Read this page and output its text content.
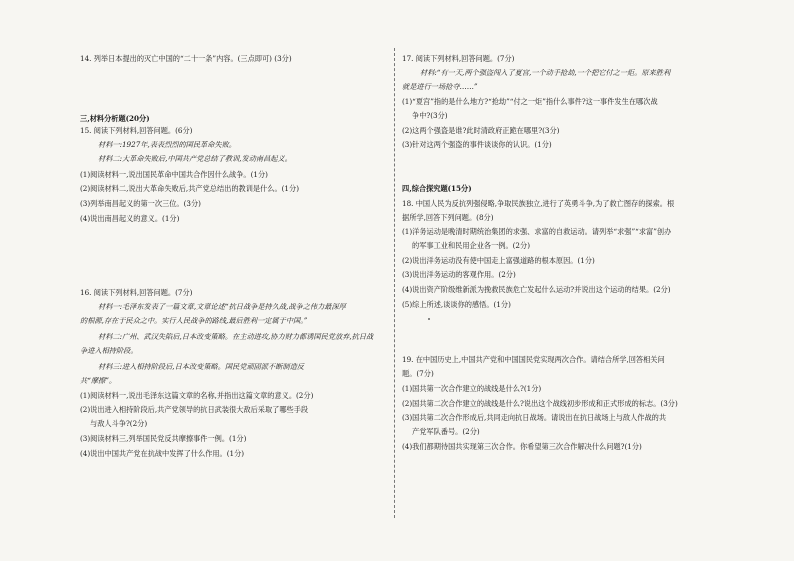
14. 列举日本提出的灭亡中国的“二十一条”内容。(三点即可) (3分)
三,材料分析题(20分)
15. 阅读下列材料,回答问题。(6分)
材料一:1927年,表表烈烈的国民革命失败。
材料二:大革命失败后,中国共产党总结了教训,发动南昌起义。
(1)阅读材料一,说出国民革命中国共合作因什么战争。(1分)
(2)阅读材料二,说出大革命失败后,共产党总结出的教训是什么。(1分)
(3)列举南昌起义的第一次三位。(3分)
(4)说出南昌起义的意义。(1分)
16. 阅读下列材料,回答问题。(7分)
材料一:毛泽东发表了一篇文章,文章论述“抗日战争是持久战,战争之伟力最深厚
的根源,存在于民众之中。实行人民战争的路线,最后胜利一定属于中国。”
材料二:广州、武汉失陷后,日本改变策略。在主动进攻,协力财力都诱国民党放弃,抗日战
争进入相持阶段。
材料三:进入相持阶段后,日本改变策略。国民党顽固派不断制造反
共“摩擦”。
(1)阅读材料一,说出毛泽东这篇文章的名称,并指出这篇文章的意义。(2分)
(2)说出进入相持阶段后,共产党领导的抗日武装很大敌后采取了哪些手段
与敌人斗争?(2分)
(3)阅读材料三,列举国民党反共摩擦事件一例。(1分)
(4)说出中国共产党在抗战中发挥了什么作用。(1分)
17. 阅读下列材料,回答问题。(7分)
材料:“有一天,两个强盗闯入了夏宫,一个动手抢劫,一个把它付之一炬。原来胜利
就是进行一场抢夺……”
(1)“夏宫”指的是什么地方?“抢劫”“付之一炬”指什么事件?这一事件发生在哪次战
争中?(3分)
(2)这两个强盗是谁?此时清政府正跪在哪里?(3分)
(3)针对这两个强盗的事件谈谈你的认识。(1分)
四,综合探究题(15分)
18. 中国人民为反抗列强侵略,争取民族独立,进行了英勇斗争,为了救亡图存的探索。根
据所学,回答下列问题。(8分)
(1)洋务运动是晚清时期统治集团的求强、求富的自救运动。请列举“求强”“求富”创办
的军事工业和民用企业各一例。(2分)
(2)说出洋务运动没有使中国走上富强道路的根本原因。(1分)
(3)说出洋务运动的客观作用。(2分)
(4)说出资产阶级维新派为挽救民族危亡发起什么运动?并说出这个运动的结果。(2分)
(5)综上所述,谈谈你的感悟。(1分)
19. 在中国历史上,中国共产党和中国国民党实现两次合作。请结合所学,回答相关问
题。(7分)
(1)国共第一次合作建立的战线是什么?(1分)
(2)国共第二次合作建立的战线是什么?说出这个战线初步形成和正式形成的标志。(3分)
(3)国共第二次合作形成后,共同走向抗日战场。请说出在抗日战场上与敌人作战的共
产党军队番号。(2分)
(4)我们都期待国共实现第三次合作。你希望第三次合作解决什么问题?(1分)
